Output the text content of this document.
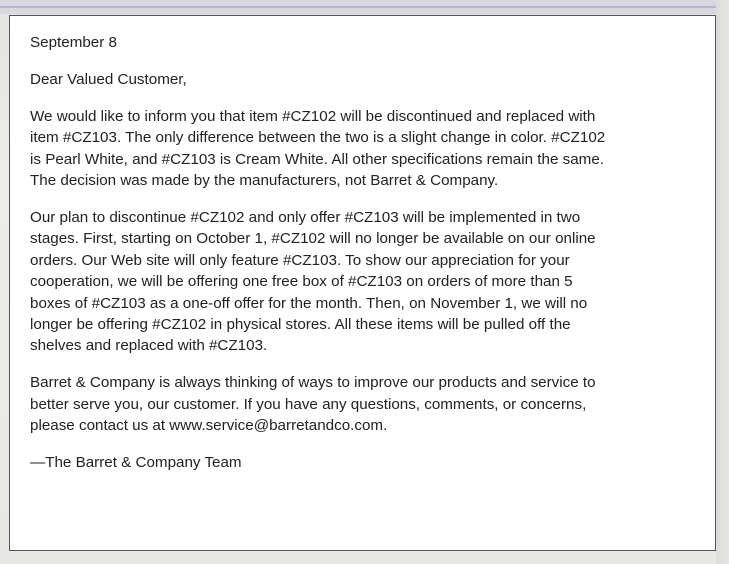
September 8

Dear Valued Customer,

We would like to inform you that item #CZ102 will be discontinued and replaced with
item #CZ103. The only difference between the two is a slight change in color. #CZ102
is Pearl White, and #CZ103 is Cream White. All other specifications remain the same.
The decision was made by the manufacturers, not Barret & Company.

Our plan to discontinue #CZ102 and only offer #CZ103 will be implemented in two
stages. First, starting on October 1, #CZ102 will no longer be available on our online
orders. Our Web site will only feature #CZ103. To show our appreciation for your
cooperation, we will be offering one free box of #CZ103 on orders of more than 5
boxes of #CZ103 as a one-off offer for the month. Then, on November 1, we will no
longer be offering #CZ102 in physical stores. All these items will be pulled off the
shelves and replaced with #CZ103.

Barret & Company is always thinking of ways to improve our products and service to
better serve you, our customer. If you have any questions, comments, or concerns,
please contact us at www.service@barretandco.com.

—The Barret & Company Team
